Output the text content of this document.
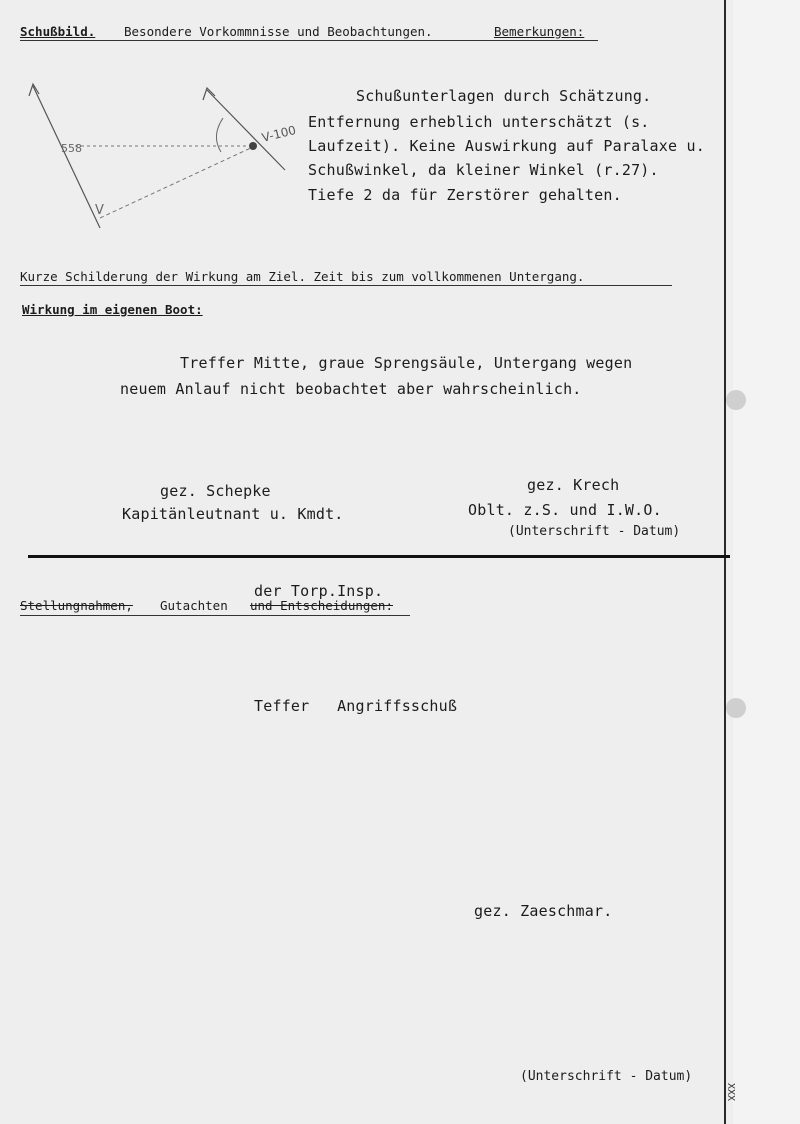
Schußbild. Besondere Vorkommnisse und Beobachtungen.	Bemerkungen:
V-100
558
V
Schußunterlagen durch Schätzung.
Entfernung erheblich unterschätzt (s.
Laufzeit). Keine Auswirkung auf Paralaxe u.
Schußwinkel, da kleiner Winkel (r.27).
Tiefe 2 da für Zerstörer gehalten.
Kurze Schilderung der Wirkung am Ziel. Zeit bis zum vollkommenen Untergang.
Wirkung im eigenen Boot:
Treffer Mitte, graue Sprengsäule, Untergang wegen
neuem Anlauf nicht beobachtet aber wahrscheinlich.
gez. Schepke
Kapitänleutnant u. Kmdt.
gez. Krech
Oblt. z.S. und I.W.O.
(Unterschrift - Datum)
der Torp.Insp.
Stellungnahmen, Gutachten und Entscheidungen:
Teffer   Angriffsschuß
gez. Zaeschmar.
(Unterschrift - Datum)
XXX
